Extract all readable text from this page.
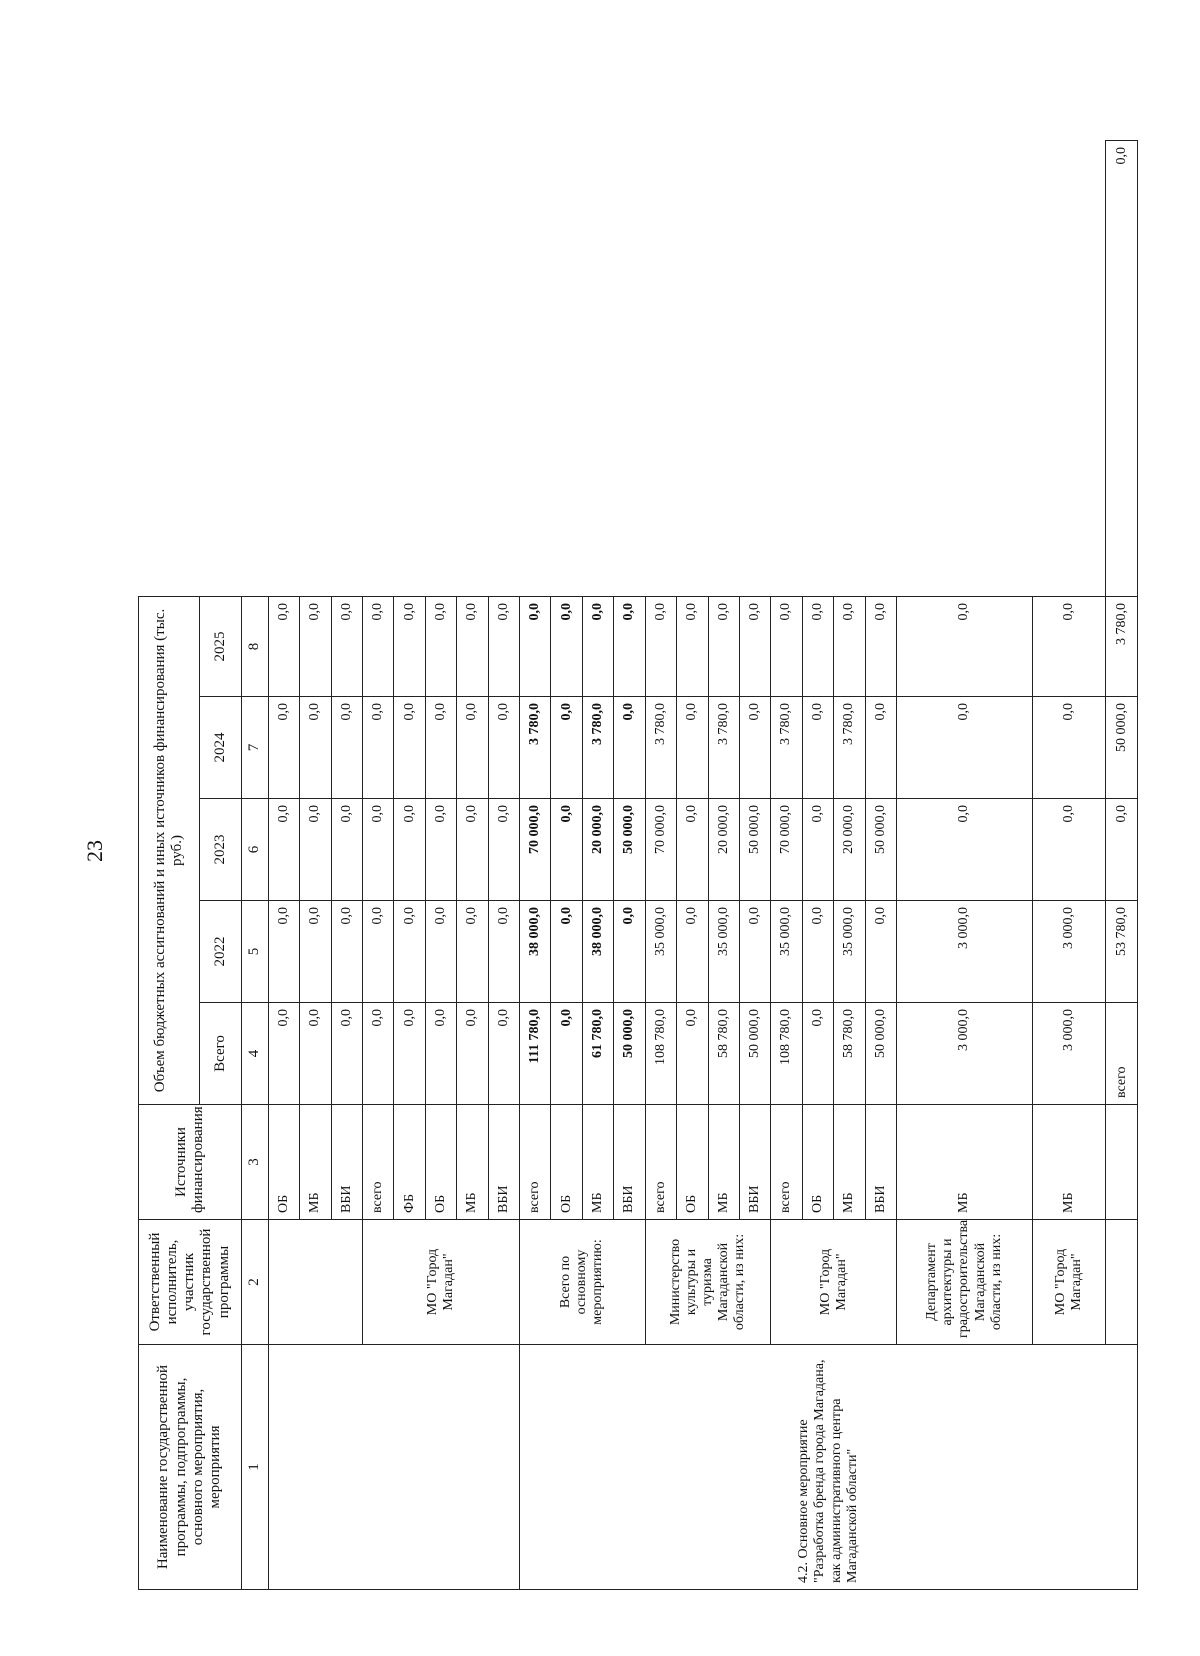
23
Наименование государственной программы, подпрограммы, основного мероприятия, мероприятия	Ответственный исполнитель, участник государственной программы	Источники финансирования	Объем бюджетных ассигнований и иных источников финансирования (тыс. руб.)					
			Всего	2022	2023	2024	2025	
1	2	3	4	5	6	7	8	
		ОБ	0,0	0,0	0,0	0,0	0,0	
		МБ	0,0	0,0	0,0	0,0	0,0	
		ВБИ	0,0	0,0	0,0	0,0	0,0	
	МО "Город Магадан"	всего	0,0	0,0	0,0	0,0	0,0	
		ФБ	0,0	0,0	0,0	0,0	0,0	
		ОБ	0,0	0,0	0,0	0,0	0,0	
		МБ	0,0	0,0	0,0	0,0	0,0	
		ВБИ	0,0	0,0	0,0	0,0	0,0	
4.2. Основное мероприятие "Разработка бренда города Магадана, как административного центра Магаданской области"	Всего по основному мероприятию:	всего	111 780,0	38 000,0	70 000,0	3 780,0	0,0	
		ОБ	0,0	0,0	0,0	0,0	0,0	
		МБ	61 780,0	38 000,0	20 000,0	3 780,0	0,0	
		ВБИ	50 000,0	0,0	50 000,0	0,0	0,0	
	Министерство культуры и туризма Магаданской области, из них:	всего	108 780,0	35 000,0	70 000,0	3 780,0	0,0	
		ОБ	0,0	0,0	0,0	0,0	0,0	
		МБ	58 780,0	35 000,0	20 000,0	3 780,0	0,0	
		ВБИ	50 000,0	0,0	50 000,0	0,0	0,0	
	МО "Город Магадан"	всего	108 780,0	35 000,0	70 000,0	3 780,0	0,0	
		ОБ	0,0	0,0	0,0	0,0	0,0	
		МБ	58 780,0	35 000,0	20 000,0	3 780,0	0,0	
		ВБИ	50 000,0	0,0	50 000,0	0,0	0,0	
	Департамент архитектуры и градостроительства Магаданской области, из них:	МБ	3 000,0	3 000,0	0,0	0,0	0,0	
	МО "Город Магадан"	МБ	3 000,0	3 000,0	0,0	0,0	0,0	
			всего	53 780,0	0,0	50 000,0	3 780,0	0,0
